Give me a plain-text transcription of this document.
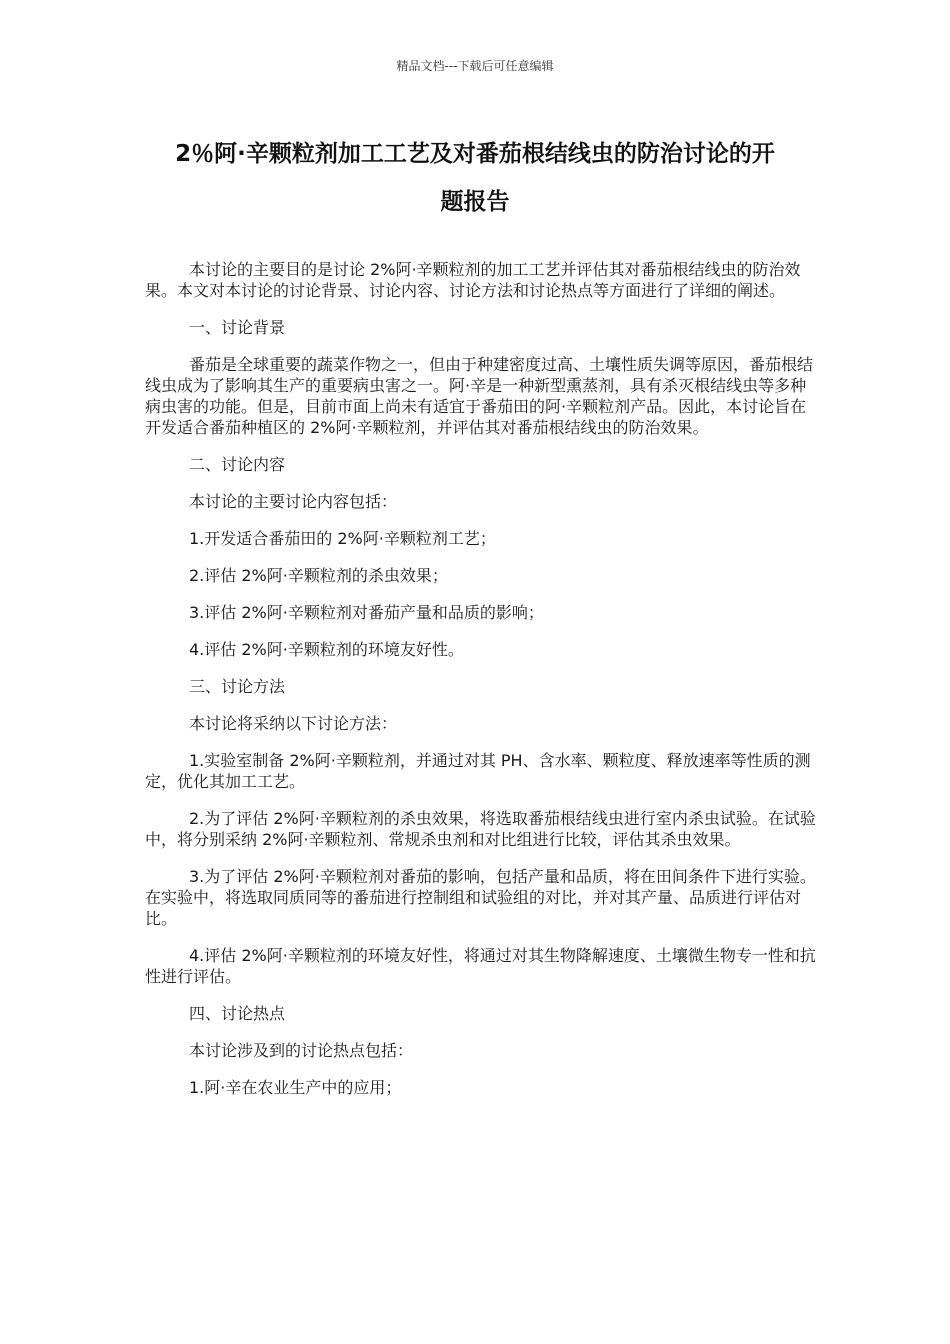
精品文档---下载后可任意编辑
2％阿·辛颗粒剂加工工艺及对番茄根结线虫的防治讨论的开
题报告

本讨论的主要目的是讨论 2%阿·辛颗粒剂的加工工艺并评估其对番茄根结线虫的防治效果。本文对本讨论的讨论背景、讨论内容、讨论方法和讨论热点等方面进行了详细的阐述。

一、讨论背景

番茄是全球重要的蔬菜作物之一，但由于种建密度过高、土壤性质失调等原因，番茄根结线虫成为了影响其生产的重要病虫害之一。阿·辛是一种新型熏蒸剂，具有杀灭根结线虫等多种病虫害的功能。但是，目前市面上尚未有适宜于番茄田的阿·辛颗粒剂产品。因此，本讨论旨在开发适合番茄种植区的 2%阿·辛颗粒剂，并评估其对番茄根结线虫的防治效果。

二、讨论内容

本讨论的主要讨论内容包括：

1.开发适合番茄田的 2%阿·辛颗粒剂工艺；

2.评估 2%阿·辛颗粒剂的杀虫效果；

3.评估 2%阿·辛颗粒剂对番茄产量和品质的影响；

4.评估 2%阿·辛颗粒剂的环境友好性。

三、讨论方法

本讨论将采纳以下讨论方法：

1.实验室制备 2%阿·辛颗粒剂，并通过对其 PH、含水率、颗粒度、释放速率等性质的测定，优化其加工工艺。

2.为了评估 2%阿·辛颗粒剂的杀虫效果，将选取番茄根结线虫进行室内杀虫试验。在试验中，将分别采纳 2%阿·辛颗粒剂、常规杀虫剂和对比组进行比较，评估其杀虫效果。

3.为了评估 2%阿·辛颗粒剂对番茄的影响，包括产量和品质，将在田间条件下进行实验。在实验中，将选取同质同等的番茄进行控制组和试验组的对比，并对其产量、品质进行评估对比。

4.评估 2%阿·辛颗粒剂的环境友好性，将通过对其生物降解速度、土壤微生物专一性和抗性进行评估。

四、讨论热点

本讨论涉及到的讨论热点包括：

1.阿·辛在农业生产中的应用；
